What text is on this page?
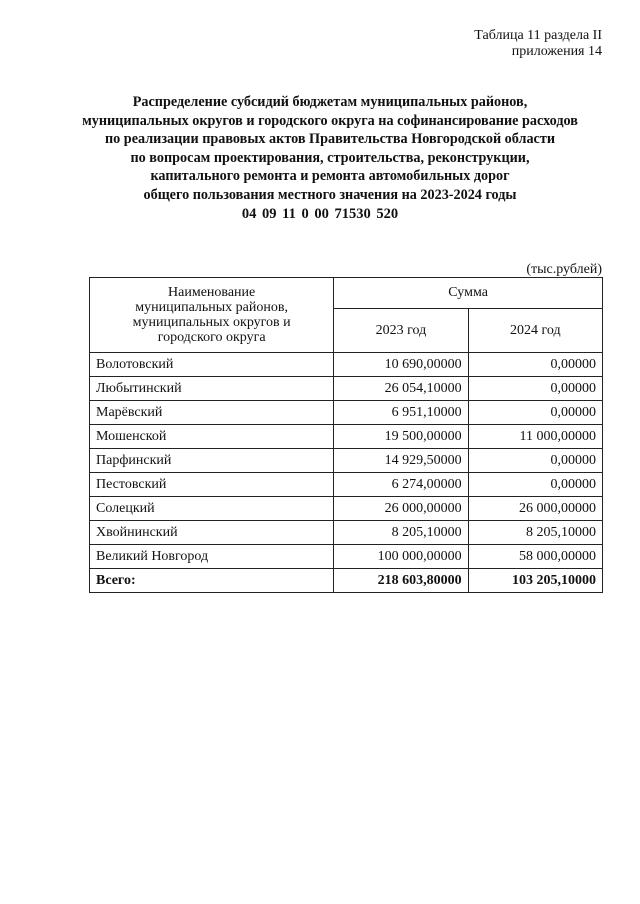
Таблица 11 раздела II
приложения 14
Распределение субсидий бюджетам муниципальных районов,
муниципальных округов и городского округа на софинансирование расходов
по реализации правовых актов Правительства Новгородской области
по вопросам проектирования, строительства, реконструкции,
капитального ремонта и ремонта автомобильных дорог
общего пользования местного значения на 2023-2024 годы
04 09 11 0 00 71530 520
(тыс.рублей)
Наименование
муниципальных районов,
муниципальных округов и
городского округа	Сумма	
	2023 год	2024 год
Волотовский	10 690,00000	0,00000
Любытинский	26 054,10000	0,00000
Марёвский	6 951,10000	0,00000
Мошенской	19 500,00000	11 000,00000
Парфинский	14 929,50000	0,00000
Пестовский	6 274,00000	0,00000
Солецкий	26 000,00000	26 000,00000
Хвойнинский	8 205,10000	8 205,10000
Великий Новгород	100 000,00000	58 000,00000
Всего:	218 603,80000	103 205,10000
